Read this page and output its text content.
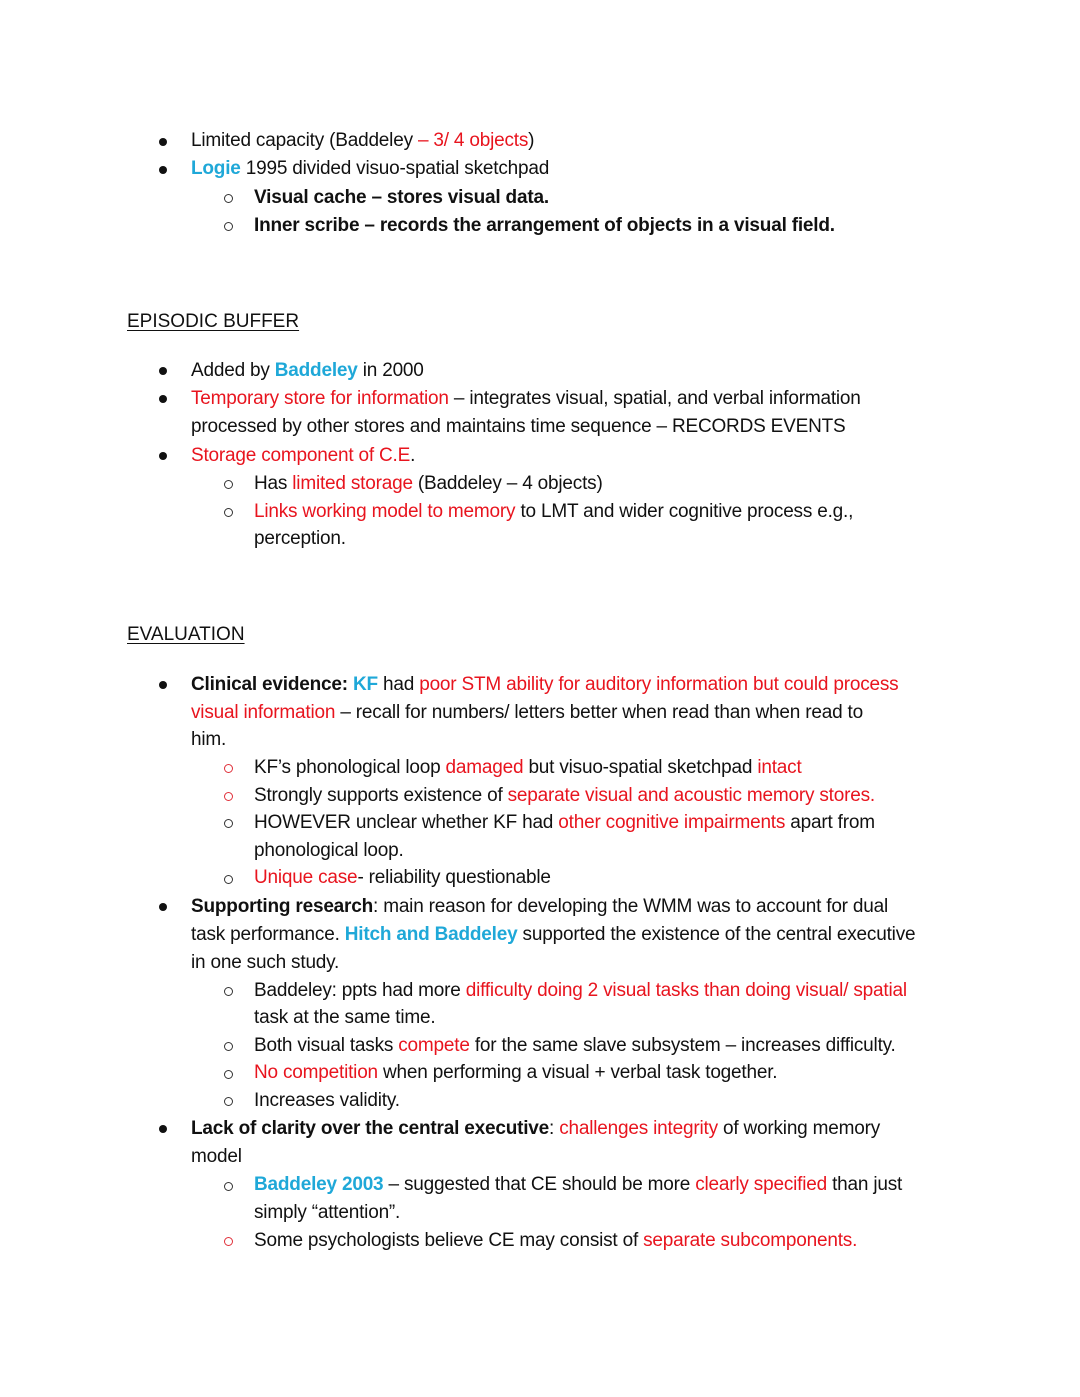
Limited capacity (Baddeley – 3/ 4 objects)
Logie 1995 divided visuo-spatial sketchpad
Visual cache – stores visual data.
Inner scribe – records the arrangement of objects in a visual field.
EPISODIC BUFFER
Added by Baddeley in 2000
Temporary store for information – integrates visual, spatial, and verbal information
processed by other stores and maintains time sequence – RECORDS EVENTS
Storage component of C.E.
Has limited storage (Baddeley – 4 objects)
Links working model to memory to LMT and wider cognitive process e.g.,
perception.
EVALUATION
Clinical evidence: KF had poor STM ability for auditory information but could process
visual information – recall for numbers/ letters better when read than when read to
him.
KF’s phonological loop damaged but visuo-spatial sketchpad intact
Strongly supports existence of separate visual and acoustic memory stores.
HOWEVER unclear whether KF had other cognitive impairments apart from
phonological loop.
Unique case- reliability questionable
Supporting research: main reason for developing the WMM was to account for dual
task performance. Hitch and Baddeley supported the existence of the central executive
in one such study.
Baddeley: ppts had more difficulty doing 2 visual tasks than doing visual/ spatial
task at the same time.
Both visual tasks compete for the same slave subsystem – increases difficulty.
No competition when performing a visual + verbal task together.
Increases validity.
Lack of clarity over the central executive: challenges integrity of working memory
model
Baddeley 2003 – suggested that CE should be more clearly specified than just
simply “attention”.
Some psychologists believe CE may consist of separate subcomponents.
